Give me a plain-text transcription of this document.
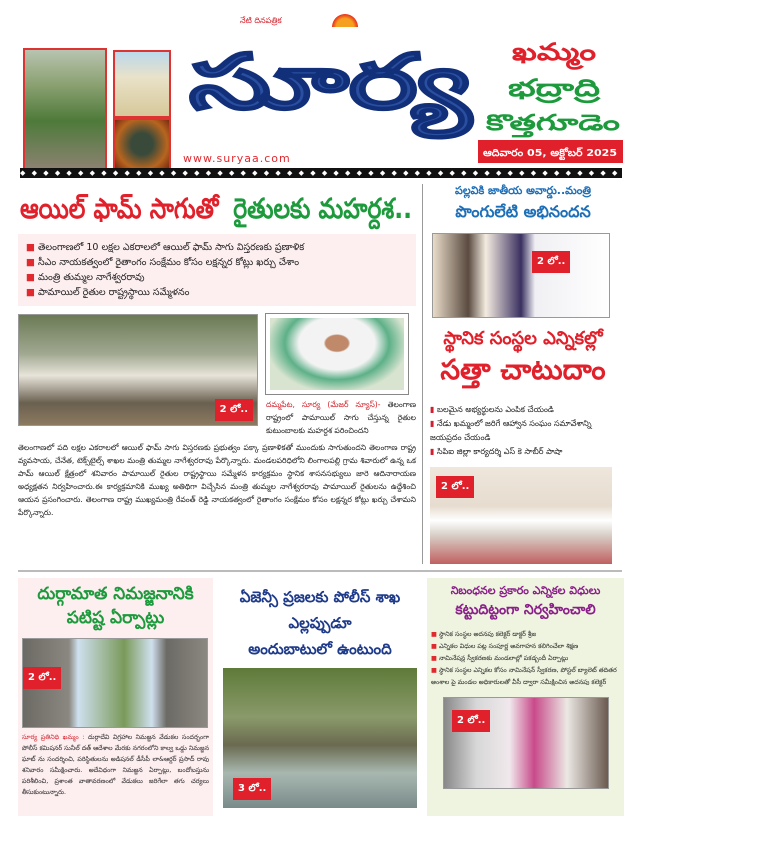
నేటి దినపత్రిక
సూర్య
www.suryaa.com
ఖమ్మం
భద్రాద్రి
కొత్తగూడెం
ఆదివారం 05, అక్టోబర్ 2025
◆ ◆ ◆ ◆ ◆ ◆ ◆ ◆ ◆ ◆ ◆ ◆ ◆ ◆ ◆ ◆ ◆ ◆ ◆ ◆ ◆ ◆ ◆ ◆ ◆ ◆ ◆ ◆ ◆ ◆ ◆ ◆ ◆ ◆ ◆ ◆ ◆ ◆ ◆ ◆ ◆ ◆ ◆ ◆ ◆ ◆ ◆ ◆ ◆ ◆ ◆ ◆ ◆ ◆ ◆ ◆ ◆ ◆ ◆ ◆ ◆ ◆ ◆ ◆ ◆
ఆయిల్ ఫామ్ సాగుతో రైతులకు మహర్దశ..
■ తెలంగాణలో 10 లక్షల ఎకరాలలో ఆయిల్ ఫామ్ సాగు విస్తరణకు ప్రణాళిక
■ సీఎం నాయకత్వంలో రైతాంగం సంక్షేమం కోసం లక్షన్నర కోట్లు ఖర్చు చేశాం
■ మంత్రి తుమ్మల నాగేశ్వరరావు
■ పామాయిల్ రైతుల రాష్ట్రస్థాయి సమ్మేళనం
2 లో..	దమ్మపేట, సూర్య (మేజర్ న్యూస్)- తెలంగాణ రాష్ట్రంలో పామాయిల్ సాగు చేస్తున్న రైతుల కుటుంబాలకు మహర్దశ పరించిందని
తెలంగాణలో పది లక్షల ఎకరాలలో ఆయిల్ ఫామ్ సాగు విస్తరణకు ప్రభుత్వం పక్కా ప్రణాళికతో ముందుకు సాగుతుందని తెలంగాణ రాష్ట్ర వ్యవసాయ, చేనేత, టెక్స్‌టైల్స్ శాఖల మంత్రి తుమ్మల నాగేశ్వరరావు పేర్కొన్నారు. మండలపరిధిలోని లింగాలపల్లి గ్రామ శివారులో ఉన్న ఒక పామ్ ఆయిల్ క్షేత్రంలో శనివారం పామాయిల్ రైతుల రాష్ట్రస్థాయి సమ్మేళన కార్యక్రమం స్థానిక శాసనసభ్యులు జారె ఆదినారాయణ అధ్యక్షతన నిర్వహించారు.ఈ కార్యక్రమానికి ముఖ్య అతిథిగా విచ్చేసిన మంత్రి తుమ్మల నాగేశ్వరరావు పామాయిల్ రైతులను ఉద్దేశించి ఆయన ప్రసంగించారు. తెలంగాణ రాష్ట్ర ముఖ్యమంత్రి రేవంత్ రెడ్డి నాయకత్వంలో రైతాంగం సంక్షేమం కోసం లక్షన్నర కోట్లు ఖర్చు చేశామని పేర్కొన్నారు.
పల్లవికి జాతీయ అవార్డు..మంత్రి
పొంగులేటి అభినందన
2 లో..
స్థానిక సంస్థల ఎన్నికల్లో
సత్తా చాటుదాం
▮ బలమైన అభ్యర్థులను ఎంపిక చేయండి
▮ నేడు ఖమ్మంలో జరిగే ఆహ్వాన సంఘం సమావేశాన్ని జయప్రదం చేయండి
▮ సిపిఐ జిల్లా కార్యదర్శి ఎస్ కె సాబీర్ పాషా
2 లో..
దుర్గామాత నిమజ్జనానికి
పటిష్ట ఏర్పాట్లు
2 లో..
సూర్య ప్రతినిధి ఖమ్మం : దుర్గాదేవి విగ్రహాల నిమజ్జన వేడుకల సందర్భంగా పోలీస్ కమిషనర్ సునీల్ దత్ ఆదేశాల మేరకు నగరంలోని కాల్వ ఒడ్డు నిమజ్జన ఘాట్ ను సందర్శించి, పరిస్థితులను అడిషనల్ డీసీపీ లా&ఆర్డర్ ప్రసాద్ రావు శనివారం సమీక్షించారు. అదేవిధంగా నిమజ్జన ఏర్పాట్లు, బందోబస్తును పరిశీలించి, ప్రశాంత వాతావరణంలో వేడుకలు జరిగేలా తగు చర్యలు తీసుకుంటున్నారు.
ఏజెన్సీ ప్రజలకు పోలీస్ శాఖ
ఎల్లప్పుడూ
అందుబాటులో ఉంటుంది
3 లో..
నిబంధనల ప్రకారం ఎన్నికల విధులు
కట్టుదిట్టంగా నిర్వహించాలి
■ స్థానిక సంస్థల అదనపు కలెక్టర్ డాక్టర్ శ్రీజ
■ ఎన్నికల విధుల పట్ల సంపూర్ణ అవగాహన కలిగించేలా శిక్షణ
■ నామినేషన్ల స్వీకరణకు మండలాల్లో పకడ్బందీ ఏర్పాట్లు
■ స్థానిక సంస్థల ఎన్నికల కోసం నామినేషన్ స్వీకరణ, పోస్టల్ బ్యాలెట్ తదితర అంశాల పై మండల అధికారులతో వీసీ ద్వారా సమీక్షించిన అదనపు కలెక్టర్
2 లో..
